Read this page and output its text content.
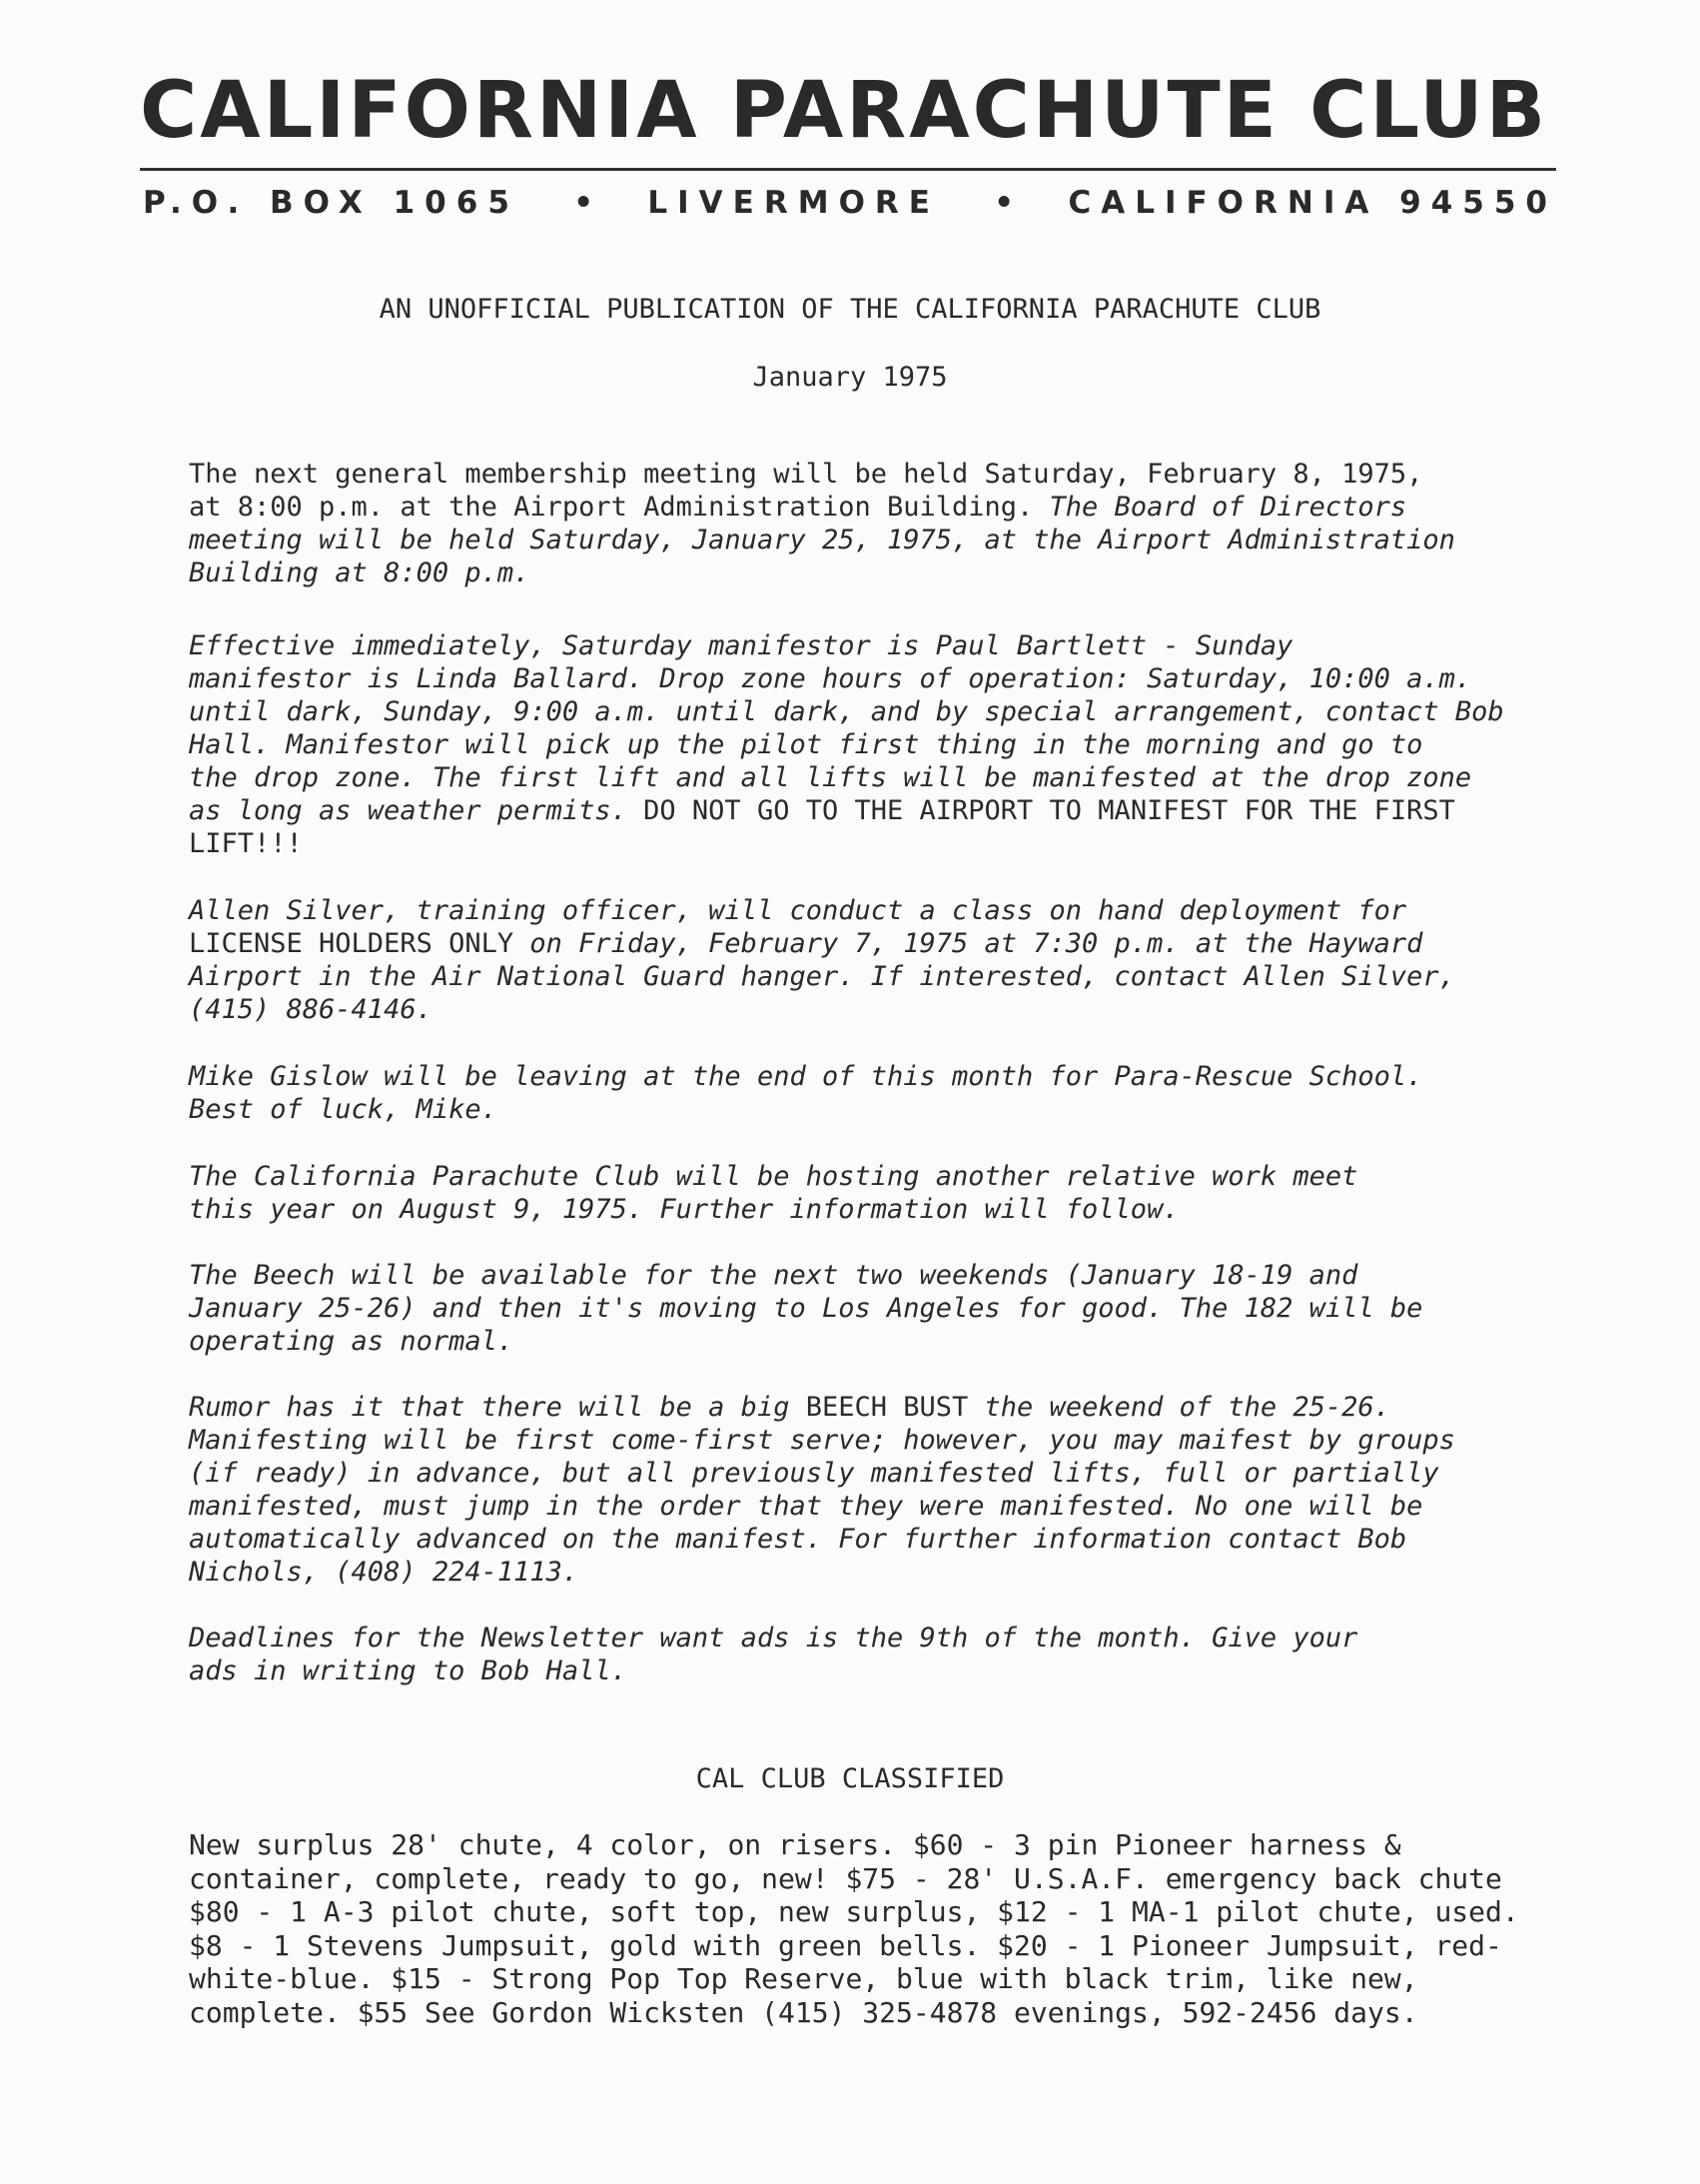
CALIFORNIA PARACHUTE CLUB
P.O. BOX 1065 • LIVERMORE • CALIFORNIA 94550
AN UNOFFICIAL PUBLICATION OF THE CALIFORNIA PARACHUTE CLUB
January 1975

The next general membership meeting will be held Saturday, February 8, 1975,
at 8:00 p.m. at the Airport Administration Building. The Board of Directors
meeting will be held Saturday, January 25, 1975, at the Airport Administration
Building at 8:00 p.m.

Effective immediately, Saturday manifestor is Paul Bartlett - Sunday
manifestor is Linda Ballard. Drop zone hours of operation: Saturday, 10:00 a.m.
until dark, Sunday, 9:00 a.m. until dark, and by special arrangement, contact Bob
Hall. Manifestor will pick up the pilot first thing in the morning and go to
the drop zone. The first lift and all lifts will be manifested at the drop zone
as long as weather permits. DO NOT GO TO THE AIRPORT TO MANIFEST FOR THE FIRST
LIFT!!!

Allen Silver, training officer, will conduct a class on hand deployment for
LICENSE HOLDERS ONLY on Friday, February 7, 1975 at 7:30 p.m. at the Hayward
Airport in the Air National Guard hanger. If interested, contact Allen Silver,
(415) 886-4146.

Mike Gislow will be leaving at the end of this month for Para-Rescue School.
Best of luck, Mike.

The California Parachute Club will be hosting another relative work meet
this year on August 9, 1975. Further information will follow.

The Beech will be available for the next two weekends (January 18-19 and
January 25-26) and then it's moving to Los Angeles for good. The 182 will be
operating as normal.

Rumor has it that there will be a big BEECH BUST the weekend of the 25-26.
Manifesting will be first come-first serve; however, you may maifest by groups
(if ready) in advance, but all previously manifested lifts, full or partially
manifested, must jump in the order that they were manifested. No one will be
automatically advanced on the manifest. For further information contact Bob
Nichols, (408) 224-1113.

Deadlines for the Newsletter want ads is the 9th of the month. Give your
ads in writing to Bob Hall.

CAL CLUB CLASSIFIED

New surplus 28' chute, 4 color, on risers. $60 - 3 pin Pioneer harness &
container, complete, ready to go, new! $75 - 28' U.S.A.F. emergency back chute
$80 - 1 A-3 pilot chute, soft top, new surplus, $12 - 1 MA-1 pilot chute, used.
$8 - 1 Stevens Jumpsuit, gold with green bells. $20 - 1 Pioneer Jumpsuit, red-
white-blue. $15 - Strong Pop Top Reserve, blue with black trim, like new,
complete. $55 See Gordon Wicksten (415) 325-4878 evenings, 592-2456 days.
